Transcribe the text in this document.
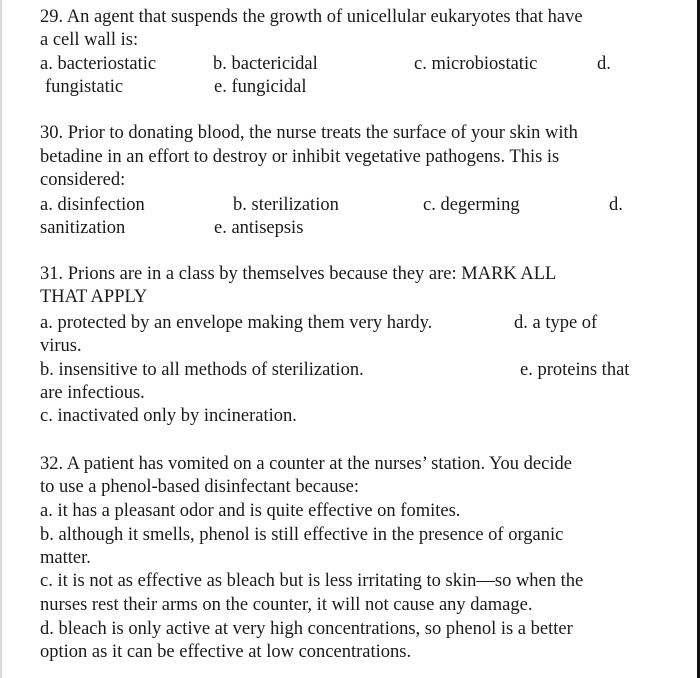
29. An agent that suspends the growth of unicellular eukaryotes that have
a cell wall is:
a. bacteriostatic	b. bactericidal	c. microbiostatic	d.
fungistatic	e. fungicidal
30. Prior to donating blood, the nurse treats the surface of your skin with
betadine in an effort to destroy or inhibit vegetative pathogens. This is
considered:
a. disinfection	b. sterilization	c. degerming	d.
sanitization	e. antisepsis
31. Prions are in a class by themselves because they are: MARK ALL
THAT APPLY
a. protected by an envelope making them very hardy.	d. a type of
virus.
b. insensitive to all methods of sterilization.	e. proteins that
are infectious.
c. inactivated only by incineration.
32. A patient has vomited on a counter at the nurses’ station. You decide
to use a phenol-based disinfectant because:
a. it has a pleasant odor and is quite effective on fomites.
b. although it smells, phenol is still effective in the presence of organic
matter.
c. it is not as effective as bleach but is less irritating to skin—so when the
nurses rest their arms on the counter, it will not cause any damage.
d. bleach is only active at very high concentrations, so phenol is a better
option as it can be effective at low concentrations.
